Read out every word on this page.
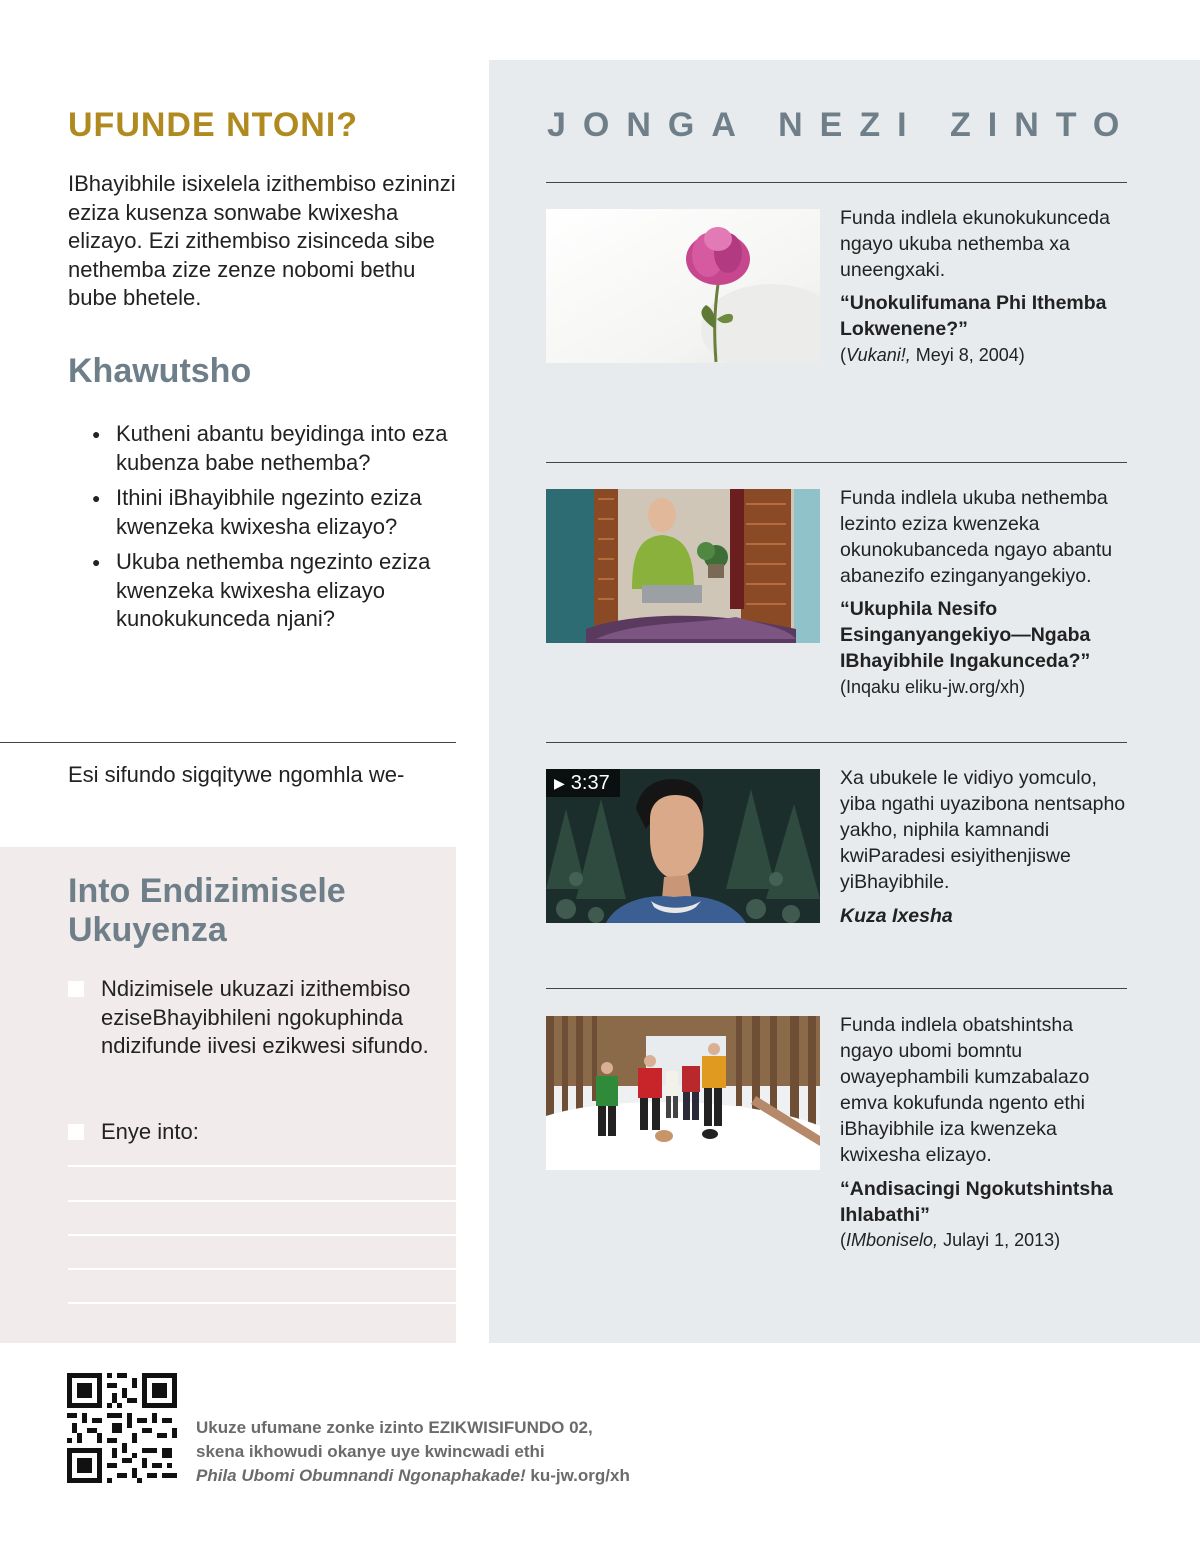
UFUNDE NTONI?

IBhayibhile isixelela izithembiso ezininzi eziza kusenza sonwabe kwixesha elizayo. Ezi zithembiso zisinceda sibe nethemba zize zenze nobomi bethu bube bhetele.

Khawutsho
● Kutheni abantu beyidinga into eza kubenza babe nethemba?
● Ithini iBhayibhile ngezinto eziza kwenzeka kwixesha elizayo?
● Ukuba nethemba ngezinto eziza kwenzeka kwixesha elizayo kunokukunceda njani?
Esi sifundo sigqitywe ngomhla we-
Into Endizimisele Ukuyenza
Ndizimisele ukuzazi izithembiso eziseBhayibhileni ngokuphinda ndizifunde iivesi ezikwesi sifundo.
Enye into:
JONGA NEZI ZINTO

Funda indlela ekunokukunceda ngayo ukuba nethemba xa uneengxaki.

“Unokulifumana Phi Ithemba Lokwenene?”

(Vukani!, Meyi 8, 2004)

Funda indlela ukuba nethemba lezinto eziza kwenzeka okunokubanceda ngayo abantu abanezifo ezinganyangekiyo.

“Ukuphila Nesifo Esinganyangekiyo—Ngaba IBhayibhile Ingakunceda?”

(Inqaku eliku-jw.org/xh)

▶ 3:37	Xa ubukele le vidiyo yomculo, yiba ngathi uyazibona nentsapho yakho, niphila kamnandi kwiParadesi esiyithenjiswe yiBhayibhile.

Kuza Ixesha

Funda indlela obatshintsha ngayo ubomi bomntu owayephambili kumzabalazo emva kokufunda ngento ethi iBhayibhile iza kwenzeka kwixesha elizayo.

“Andisacingi Ngokutshintsha Ihlabathi”

(IMboniselo, Julayi 1, 2013)

Ukuze ufumane zonke izinto EZIKWISIFUNDO 02,
skena ikhowudi okanye uye kwincwadi ethi
Phila Ubomi Obumnandi Ngonaphakade! ku-jw.org/xh
